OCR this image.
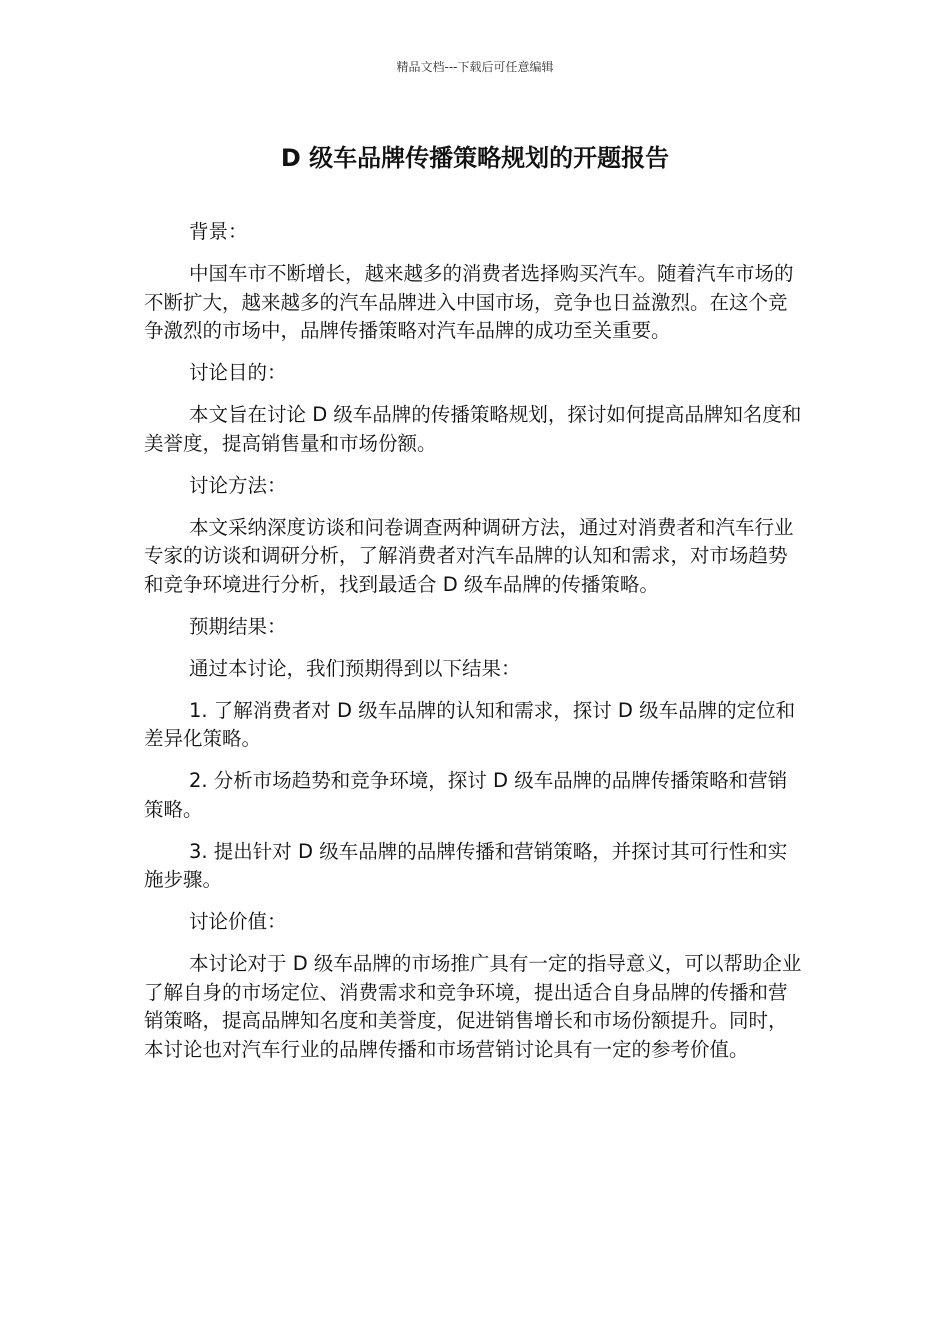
精品文档---下载后可任意编辑
D 级车品牌传播策略规划的开题报告

背景：

中国车市不断增长，越来越多的消费者选择购买汽车。随着汽车市场的不断扩大，越来越多的汽车品牌进入中国市场，竞争也日益激烈。在这个竞争激烈的市场中，品牌传播策略对汽车品牌的成功至关重要。

讨论目的：

本文旨在讨论 D 级车品牌的传播策略规划，探讨如何提高品牌知名度和美誉度，提高销售量和市场份额。

讨论方法：

本文采纳深度访谈和问卷调查两种调研方法，通过对消费者和汽车行业专家的访谈和调研分析，了解消费者对汽车品牌的认知和需求，对市场趋势和竞争环境进行分析，找到最适合 D 级车品牌的传播策略。

预期结果：

通过本讨论，我们预期得到以下结果：

1. 了解消费者对 D 级车品牌的认知和需求，探讨 D 级车品牌的定位和差异化策略。

2. 分析市场趋势和竞争环境，探讨 D 级车品牌的品牌传播策略和营销策略。

3. 提出针对 D 级车品牌的品牌传播和营销策略，并探讨其可行性和实施步骤。

讨论价值：

本讨论对于 D 级车品牌的市场推广具有一定的指导意义，可以帮助企业了解自身的市场定位、消费需求和竞争环境，提出适合自身品牌的传播和营销策略，提高品牌知名度和美誉度，促进销售增长和市场份额提升。同时，本讨论也对汽车行业的品牌传播和市场营销讨论具有一定的参考价值。
